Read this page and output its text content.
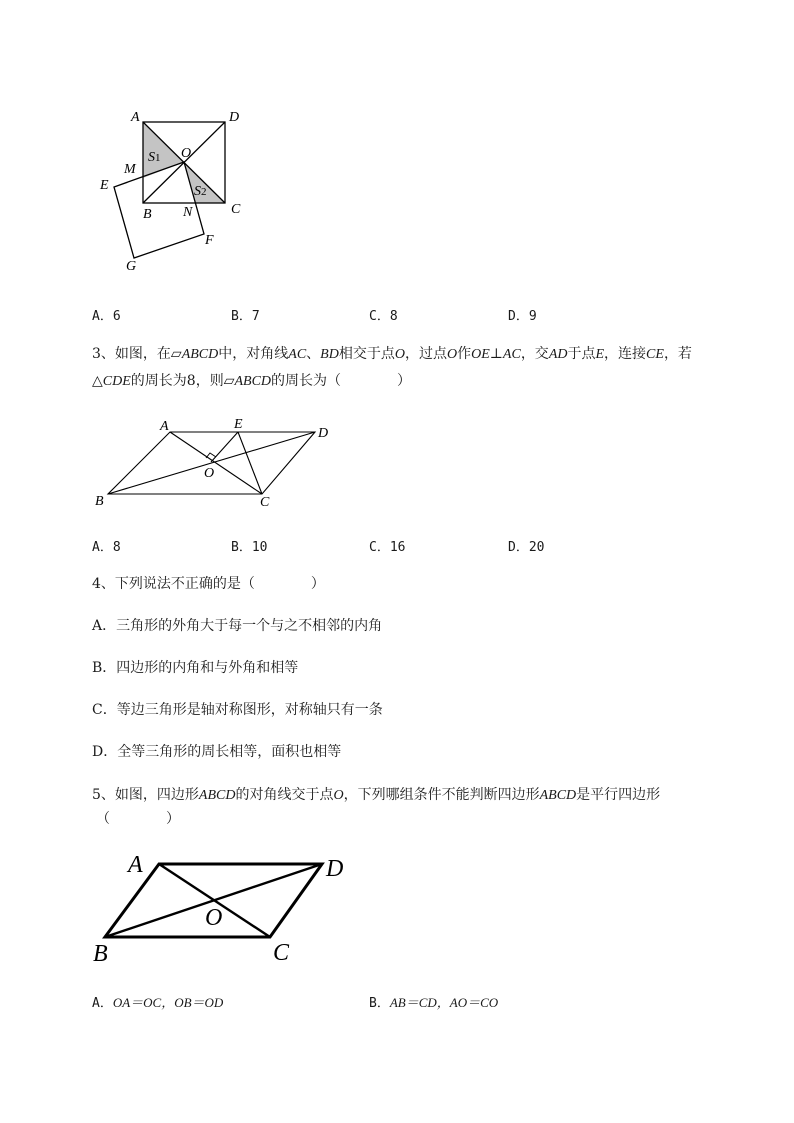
A	D
O
M
E
B N	C
F
G
S1
S2
A．6	B．7	C．8	D．9
3、如图，在▱ABCD中，对角线AC、BD相交于点O，过点O作OE⊥AC，交AD于点E，连接CE，若
△CDE的周长为8，则▱ABCD的周长为（　　　　）
A	E
D
O
B	C
A．8	B．10	C．16	D．20
4、下列说法不正确的是（　　　　）
A．三角形的外角大于每一个与之不相邻的内角
B．四边形的内角和与外角和相等
C．等边三角形是轴对称图形，对称轴只有一条
D．全等三角形的周长相等，面积也相等
5、如图，四边形ABCD的对角线交于点O，下列哪组条件不能判断四边形ABCD是平行四边形
（　　　　）
A	D
O
B	C
A．OA＝OC，OB＝OD	B．AB＝CD，AO＝CO
